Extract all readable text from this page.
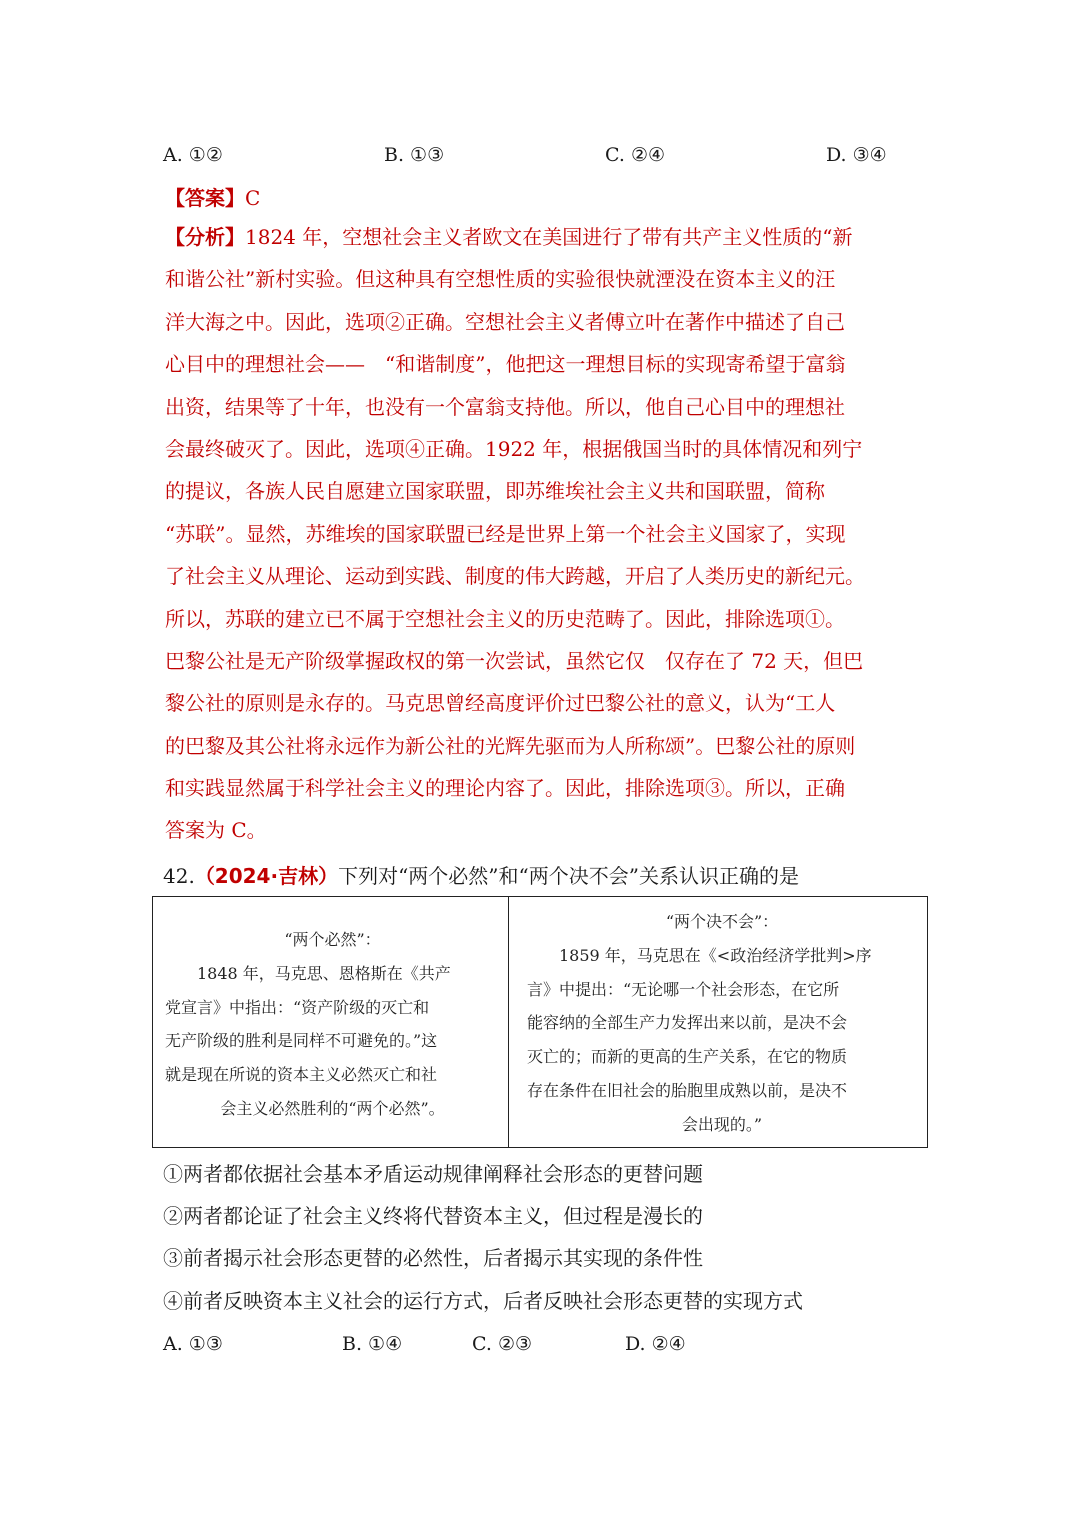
A. ①②	B. ①③	C. ②④	D. ③④
【答案】C
【分析】1824 年，空想社会主义者欧文在美国进行了带有共产主义性质的“新
和谐公社”新村实验。但这种具有空想性质的实验很快就湮没在资本主义的汪
洋大海之中。因此，选项②正确。空想社会主义者傅立叶在著作中描述了自己
心目中的理想社会——　“和谐制度”，他把这一理想目标的实现寄希望于富翁
出资，结果等了十年，也没有一个富翁支持他。所以，他自己心目中的理想社
会最终破灭了。因此，选项④正确。1922 年，根据俄国当时的具体情况和列宁
的提议，各族人民自愿建立国家联盟，即苏维埃社会主义共和国联盟，简称
“苏联”。显然，苏维埃的国家联盟已经是世界上第一个社会主义国家了，实现
了社会主义从理论、运动到实践、制度的伟大跨越，开启了人类历史的新纪元。
所以，苏联的建立已不属于空想社会主义的历史范畴了。因此，排除选项①。
巴黎公社是无产阶级掌握政权的第一次尝试，虽然它仅　仅存在了 72 天，但巴
黎公社的原则是永存的。马克思曾经高度评价过巴黎公社的意义，认为“工人
的巴黎及其公社将永远作为新公社的光辉先驱而为人所称颂”。巴黎公社的原则
和实践显然属于科学社会主义的理论内容了。因此，排除选项③。所以，正确
答案为 C。
42.（2024·吉林）下列对“两个必然”和“两个决不会”关系认识正确的是
“两个必然”：
　　1848 年，马克思、恩格斯在《共产
党宣言》中指出：“资产阶级的灭亡和
无产阶级的胜利是同样不可避免的。”这
就是现在所说的资本主义必然灭亡和社
会主义必然胜利的“两个必然”。
“两个决不会”：
　　1859 年，马克思在《<政治经济学批判>序
言》中提出：“无论哪一个社会形态，在它所
能容纳的全部生产力发挥出来以前，是决不会
灭亡的；而新的更高的生产关系，在它的物质
存在条件在旧社会的胎胞里成熟以前，是决不
会出现的。”
①两者都依据社会基本矛盾运动规律阐释社会形态的更替问题
②两者都论证了社会主义终将代替资本主义，但过程是漫长的
③前者揭示社会形态更替的必然性，后者揭示其实现的条件性
④前者反映资本主义社会的运行方式，后者反映社会形态更替的实现方式
A. ①③	B. ①④	C. ②③	D. ②④
